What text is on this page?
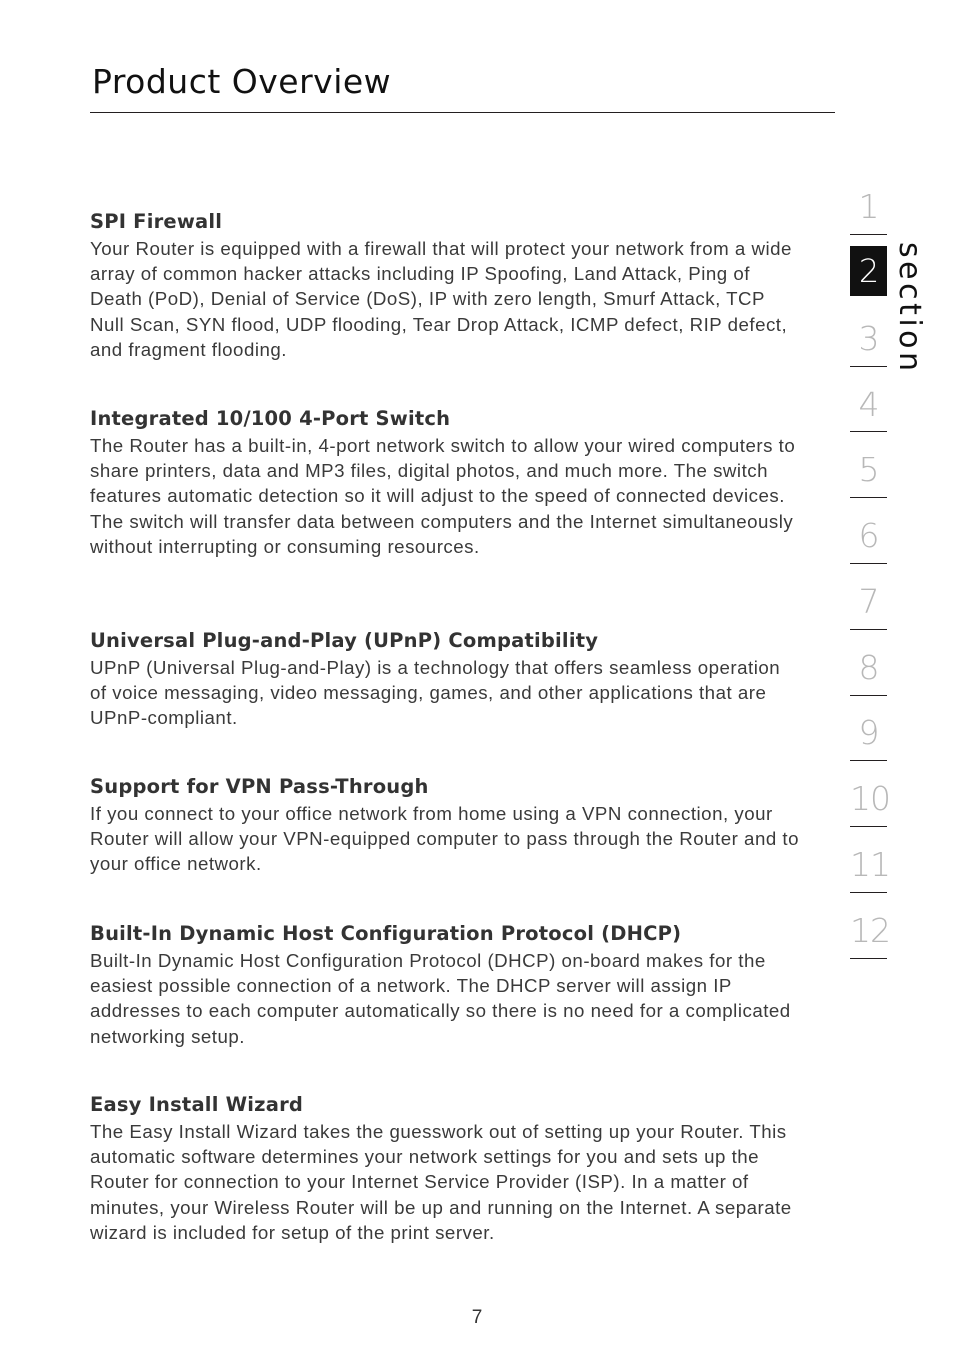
Product Overview
SPI Firewall

Your Router is equipped with a firewall that will protect your network from a wide array of common hacker attacks including IP Spoofing, Land Attack, Ping of Death (PoD), Denial of Service (DoS), IP with zero length, Smurf Attack, TCP Null Scan, SYN flood, UDP flooding, Tear Drop Attack, ICMP defect, RIP defect, and fragment flooding.

Integrated 10/100 4-Port Switch

The Router has a built-in, 4-port network switch to allow your wired computers to share printers, data and MP3 files, digital photos, and much more. The switch features automatic detection so it will adjust to the speed of connected devices. The switch will transfer data between computers and the Internet simultaneously without interrupting or consuming resources.

Universal Plug-and-Play (UPnP) Compatibility

UPnP (Universal Plug-and-Play) is a technology that offers seamless operation of voice messaging, video messaging, games, and other applications that are UPnP-compliant.

Support for VPN Pass-Through

If you connect to your office network from home using a VPN connection, your Router will allow your VPN-equipped computer to pass through the Router and to your office network.

Built-In Dynamic Host Configuration Protocol (DHCP)

Built-In Dynamic Host Configuration Protocol (DHCP) on-board makes for the easiest possible connection of a network. The DHCP server will assign IP addresses to each computer automatically so there is no need for a complicated networking setup.

Easy Install Wizard

The Easy Install Wizard takes the guesswork out of setting up your Router. This automatic software determines your network settings for you and sets up the Router for connection to your Internet Service Provider (ISP). In a matter of minutes, your Wireless Router will be up and running on the Internet. A separate wizard is included for setup of the print server.

1
2
3
4
5
6
7
8
9
10
11
12
section
7
